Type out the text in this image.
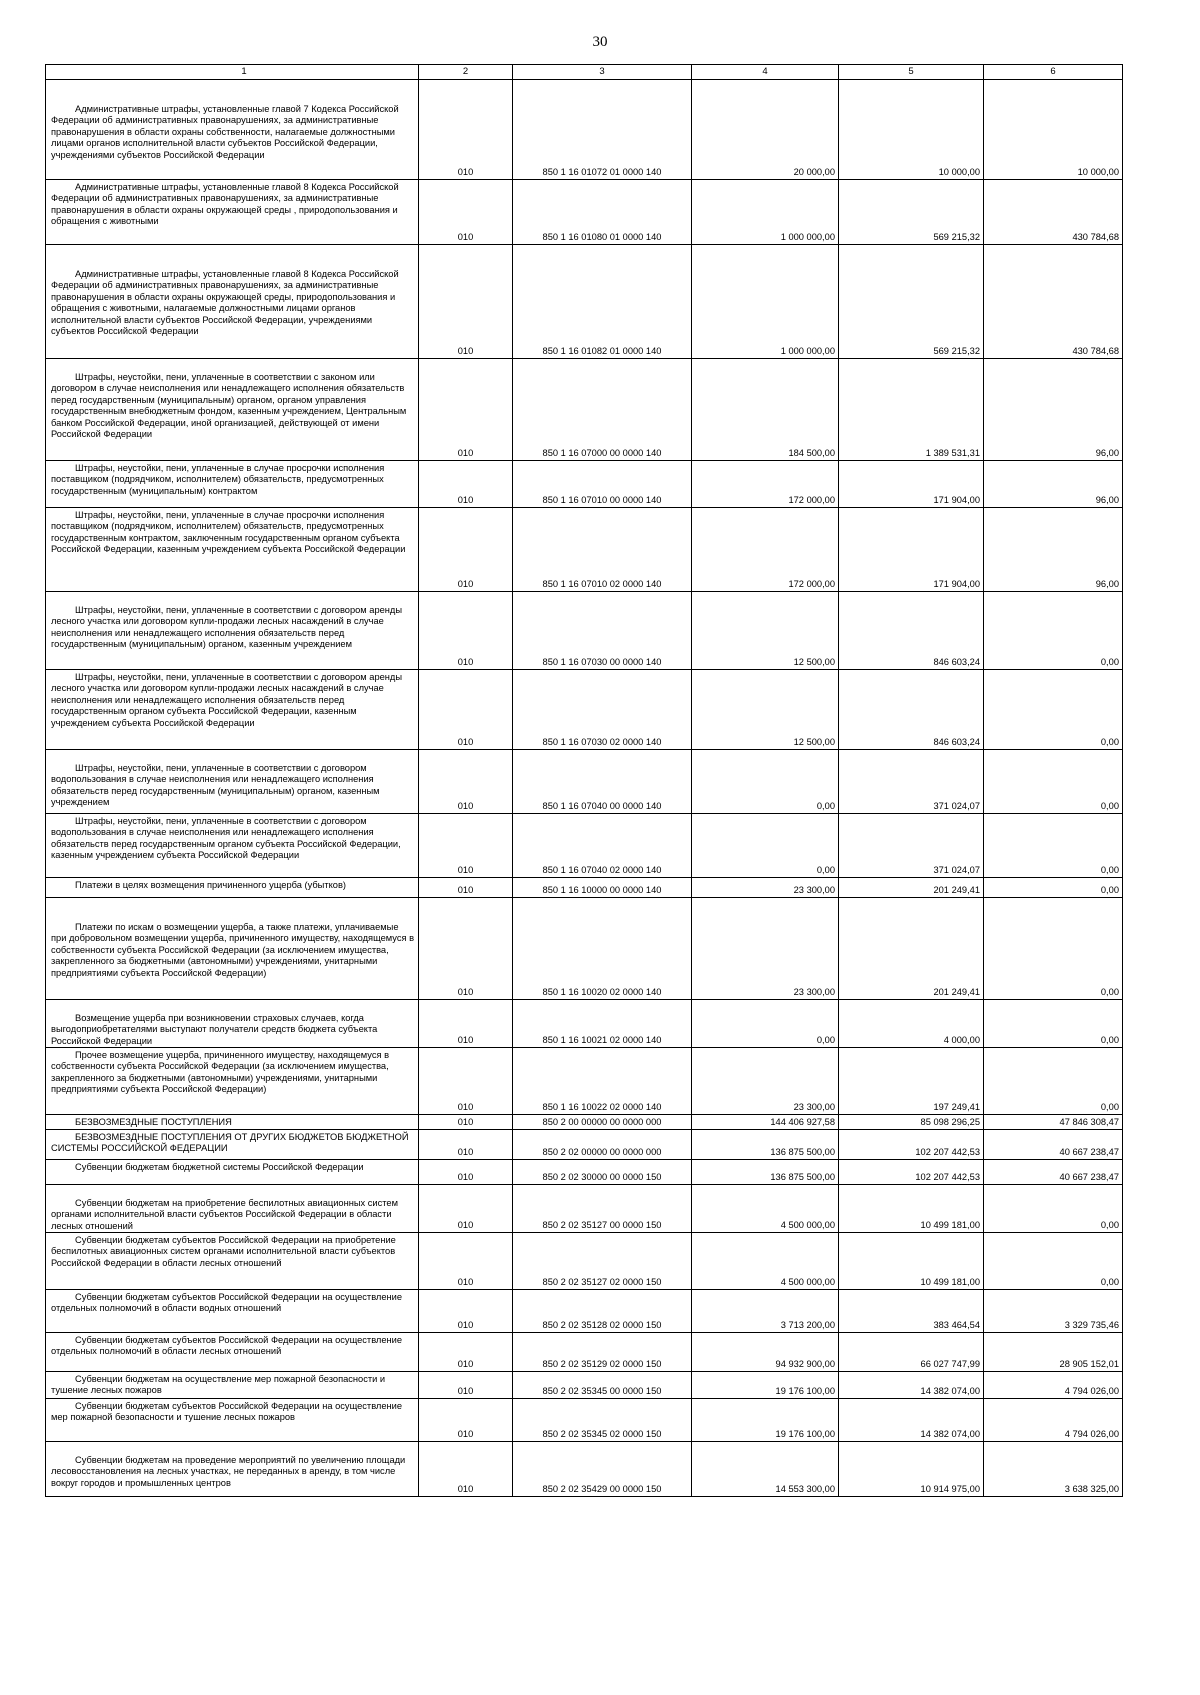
30
1	2	3	4	5	6
Административные штрафы, установленные главой 7 Кодекса Российской Федерации об административных правонарушениях, за административные правонарушения в области охраны собственности, налагаемые должностными лицами органов исполнительной власти субъектов Российской Федерации, учреждениями субъектов Российской Федерации
010	850 1 16 01072 01 0000 140	20 000,00	10 000,00	10 000,00
Административные штрафы, установленные главой 8 Кодекса Российской Федерации об административных правонарушениях, за административные правонарушения в области охраны окружающей среды , природопользования и обращения с животными
010	850 1 16 01080 01 0000 140	1 000 000,00	569 215,32	430 784,68
Административные штрафы, установленные главой 8 Кодекса Российской Федерации об административных правонарушениях, за административные правонарушения в области охраны окружающей среды, природопользования и обращения с животными, налагаемые должностными лицами органов исполнительной власти субъектов Российской Федерации, учреждениями субъектов Российской Федерации
010	850 1 16 01082 01 0000 140	1 000 000,00	569 215,32	430 784,68
Штрафы, неустойки, пени, уплаченные в соответствии с законом или договором в случае неисполнения или ненадлежащего исполнения обязательств перед государственным (муниципальным) органом, органом управления государственным внебюджетным фондом, казенным учреждением, Центральным банком Российской Федерации, иной организацией, действующей от имени Российской Федерации
010	850 1 16 07000 00 0000 140	184 500,00	1 389 531,31	96,00
Штрафы, неустойки, пени, уплаченные в случае просрочки исполнения поставщиком (подрядчиком, исполнителем) обязательств, предусмотренных государственным (муниципальным) контрактом
010	850 1 16 07010 00 0000 140	172 000,00	171 904,00	96,00
Штрафы, неустойки, пени, уплаченные в случае просрочки исполнения поставщиком (подрядчиком, исполнителем) обязательств, предусмотренных государственным контрактом, заключенным государственным органом субъекта Российской Федерации, казенным учреждением субъекта Российской Федерации
010	850 1 16 07010 02 0000 140	172 000,00	171 904,00	96,00
Штрафы, неустойки, пени, уплаченные в соответствии с договором аренды лесного участка или договором купли-продажи лесных насаждений в случае неисполнения или ненадлежащего исполнения обязательств перед государственным (муниципальным) органом, казенным учреждением
010	850 1 16 07030 00 0000 140	12 500,00	846 603,24	0,00
Штрафы, неустойки, пени, уплаченные в соответствии с договором аренды лесного участка или договором купли-продажи лесных насаждений в случае неисполнения или ненадлежащего исполнения обязательств перед государственным органом субъекта Российской Федерации, казенным учреждением субъекта Российской Федерации
010	850 1 16 07030 02 0000 140	12 500,00	846 603,24	0,00
Штрафы, неустойки, пени, уплаченные в соответствии с договором водопользования в случае неисполнения или ненадлежащего исполнения обязательств перед государственным (муниципальным) органом, казенным учреждением	010	850 1 16 07040 00 0000 140	0,00	371 024,07	0,00
Штрафы, неустойки, пени, уплаченные в соответствии с договором водопользования в случае неисполнения или ненадлежащего исполнения обязательств перед государственным органом субъекта Российской Федерации, казенным учреждением субъекта Российской Федерации
010	850 1 16 07040 02 0000 140	0,00	371 024,07	0,00
Платежи в целях возмещения причиненного ущерба (убытков)	010	850 1 16 10000 00 0000 140	23 300,00	201 249,41	0,00
Платежи по искам о возмещении ущерба, а также платежи, уплачиваемые при добровольном возмещении ущерба, причиненного имуществу, находящемуся в собственности субъекта Российской Федерации (за исключением имущества, закрепленного за бюджетными (автономными) учреждениями, унитарными предприятиями субъекта Российской Федерации)
010	850 1 16 10020 02 0000 140	23 300,00	201 249,41	0,00
Возмещение ущерба при возникновении страховых случаев, когда выгодоприобретателями выступают получатели средств бюджета субъекта Российской Федерации	010	850 1 16 10021 02 0000 140	0,00	4 000,00	0,00
Прочее возмещение ущерба, причиненного имуществу, находящемуся в собственности субъекта Российской Федерации (за исключением имущества, закрепленного за бюджетными (автономными) учреждениями, унитарными предприятиями субъекта Российской Федерации)
010	850 1 16 10022 02 0000 140	23 300,00	197 249,41	0,00
БЕЗВОЗМЕЗДНЫЕ ПОСТУПЛЕНИЯ	010	850 2 00 00000 00 0000 000	144 406 927,58	85 098 296,25	47 846 308,47
БЕЗВОЗМЕЗДНЫЕ ПОСТУПЛЕНИЯ ОТ ДРУГИХ БЮДЖЕТОВ БЮДЖЕТНОЙ СИСТЕМЫ РОССИЙСКОЙ ФЕДЕРАЦИИ	010	850 2 02 00000 00 0000 000	136 875 500,00	102 207 442,53	40 667 238,47
Субвенции бюджетам бюджетной системы Российской Федерации
010	850 2 02 30000 00 0000 150	136 875 500,00	102 207 442,53	40 667 238,47
Субвенции бюджетам на приобретение беспилотных авиационных систем органами исполнительной власти субъектов Российской Федерации в области лесных отношений	010	850 2 02 35127 00 0000 150	4 500 000,00	10 499 181,00	0,00
Субвенции бюджетам субъектов Российской Федерации на приобретение беспилотных авиационных систем органами исполнительной власти субъектов Российской Федерации в области лесных отношений
010	850 2 02 35127 02 0000 150	4 500 000,00	10 499 181,00	0,00
Субвенции бюджетам субъектов Российской Федерации на осуществление отдельных полномочий в области водных отношений
010	850 2 02 35128 02 0000 150	3 713 200,00	383 464,54	3 329 735,46
Субвенции бюджетам субъектов Российской Федерации на осуществление отдельных полномочий в области лесных отношений
010	850 2 02 35129 02 0000 150	94 932 900,00	66 027 747,99	28 905 152,01
Субвенции бюджетам на осуществление мер пожарной безопасности и тушение лесных пожаров	010	850 2 02 35345 00 0000 150	19 176 100,00	14 382 074,00	4 794 026,00
Субвенции бюджетам субъектов Российской Федерации на осуществление мер пожарной безопасности и тушение лесных пожаров
010	850 2 02 35345 02 0000 150	19 176 100,00	14 382 074,00	4 794 026,00
Субвенции бюджетам на проведение мероприятий по увеличению площади лесовосстановления на лесных участках, не переданных в аренду, в том числе вокруг городов и промышленных центров
010	850 2 02 35429 00 0000 150	14 553 300,00	10 914 975,00	3 638 325,00
